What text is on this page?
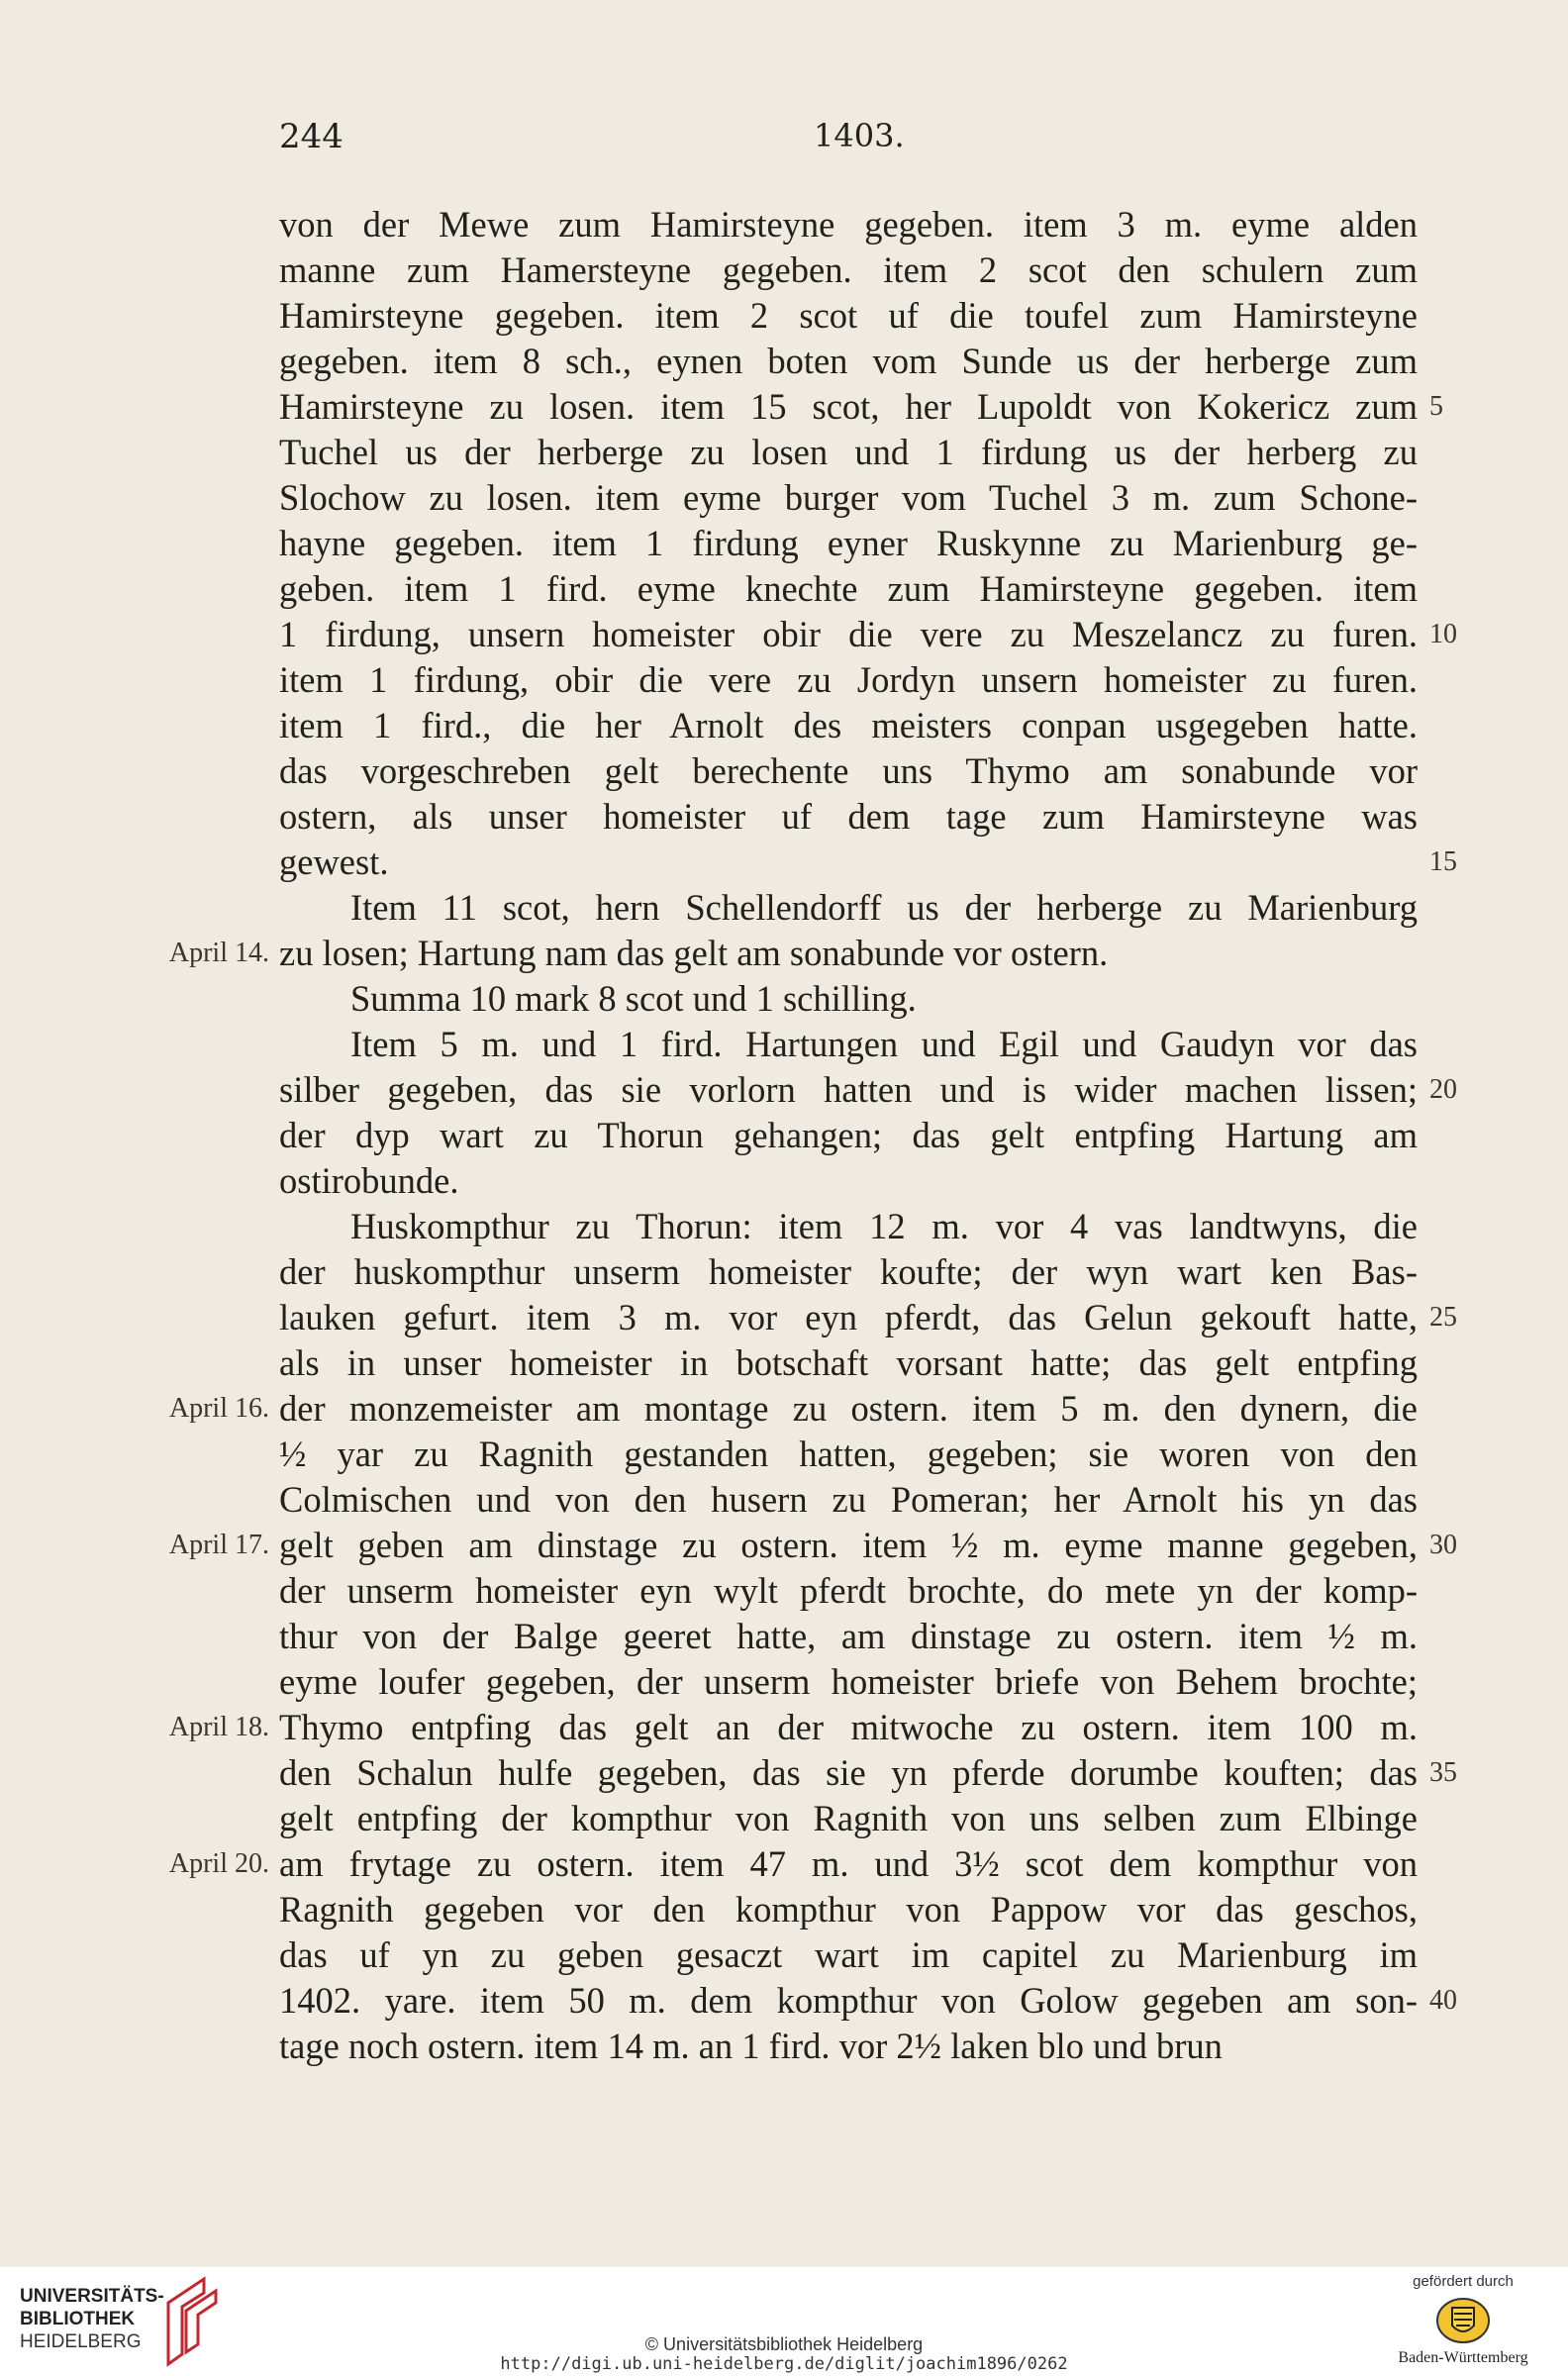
244	1403.
von der Mewe zum Hamirsteyne gegeben. item 3 m. eyme alden
manne zum Hamersteyne gegeben. item 2 scot den schulern zum
Hamirsteyne gegeben. item 2 scot uf die toufel zum Hamirsteyne
gegeben. item 8 sch., eynen boten vom Sunde us der herberge zum
Hamirsteyne zu losen. item 15 scot, her Lupoldt von Kokericz zum 5
Tuchel us der herberge zu losen und 1 firdung us der herberg zu
Slochow zu losen. item eyme burger vom Tuchel 3 m. zum Schone-
hayne gegeben. item 1 firdung eyner Ruskynne zu Marienburg ge-
geben. item 1 fird. eyme knechte zum Hamirsteyne gegeben. item
1 firdung, unsern homeister obir die vere zu Meszelancz zu furen. 10
item 1 firdung, obir die vere zu Jordyn unsern homeister zu furen.
item 1 fird., die her Arnolt des meisters conpan usgegeben hatte.
das vorgeschreben gelt berechente uns Thymo am sonabunde vor
ostern, als unser homeister uf dem tage zum Hamirsteyne was
gewest.	15
Item 11 scot, hern Schellendorff us der herberge zu Marienburg
zu losen; Hartung nam das gelt am sonabunde vor ostern.
April 14.
Summa 10 mark 8 scot und 1 schilling.
Item 5 m. und 1 fird. Hartungen und Egil und Gaudyn vor das
silber gegeben, das sie vorlorn hatten und is wider machen lissen; 20
der dyp wart zu Thorun gehangen; das gelt entpfing Hartung am
ostirobunde.
Huskompthur zu Thorun: item 12 m. vor 4 vas landtwyns, die
der huskompthur unserm homeister koufte; der wyn wart ken Bas-
lauken gefurt. item 3 m. vor eyn pferdt, das Gelun gekouft hatte, 25
als in unser homeister in botschaft vorsant hatte; das gelt entpfing
der monzemeister am montage zu ostern. item 5 m. den dynern, die
April 16.
½ yar zu Ragnith gestanden hatten, gegeben; sie woren von den
Colmischen und von den husern zu Pomeran; her Arnolt his yn das
gelt geben am dinstage zu ostern. item ½ m. eyme manne gegeben,
April 17.	30
der unserm homeister eyn wylt pferdt brochte, do mete yn der komp-
thur von der Balge geeret hatte, am dinstage zu ostern. item ½ m.
eyme loufer gegeben, der unserm homeister briefe von Behem brochte;
Thymo entpfing das gelt an der mitwoche zu ostern. item 100 m.
April 18.
den Schalun hulfe gegeben, das sie yn pferde dorumbe kouften; das 35
gelt entpfing der kompthur von Ragnith von uns selben zum Elbinge
am frytage zu ostern. item 47 m. und 3½ scot dem kompthur von
April 20.
Ragnith gegeben vor den kompthur von Pappow vor das geschos,
das uf yn zu geben gesaczt wart im capitel zu Marienburg im
1402. yare. item 50 m. dem kompthur von Golow gegeben am son- 40
tage noch ostern. item 14 m. an 1 fird. vor 2½ laken blo und brun
UNIVERSITÄTS-
BIBLIOTHEK
HEIDELBERG	© Universitätsbibliothek Heidelberg
http://digi.ub.uni-heidelberg.de/diglit/joachim1896/0262
gefördert durch
Baden-Württemberg
